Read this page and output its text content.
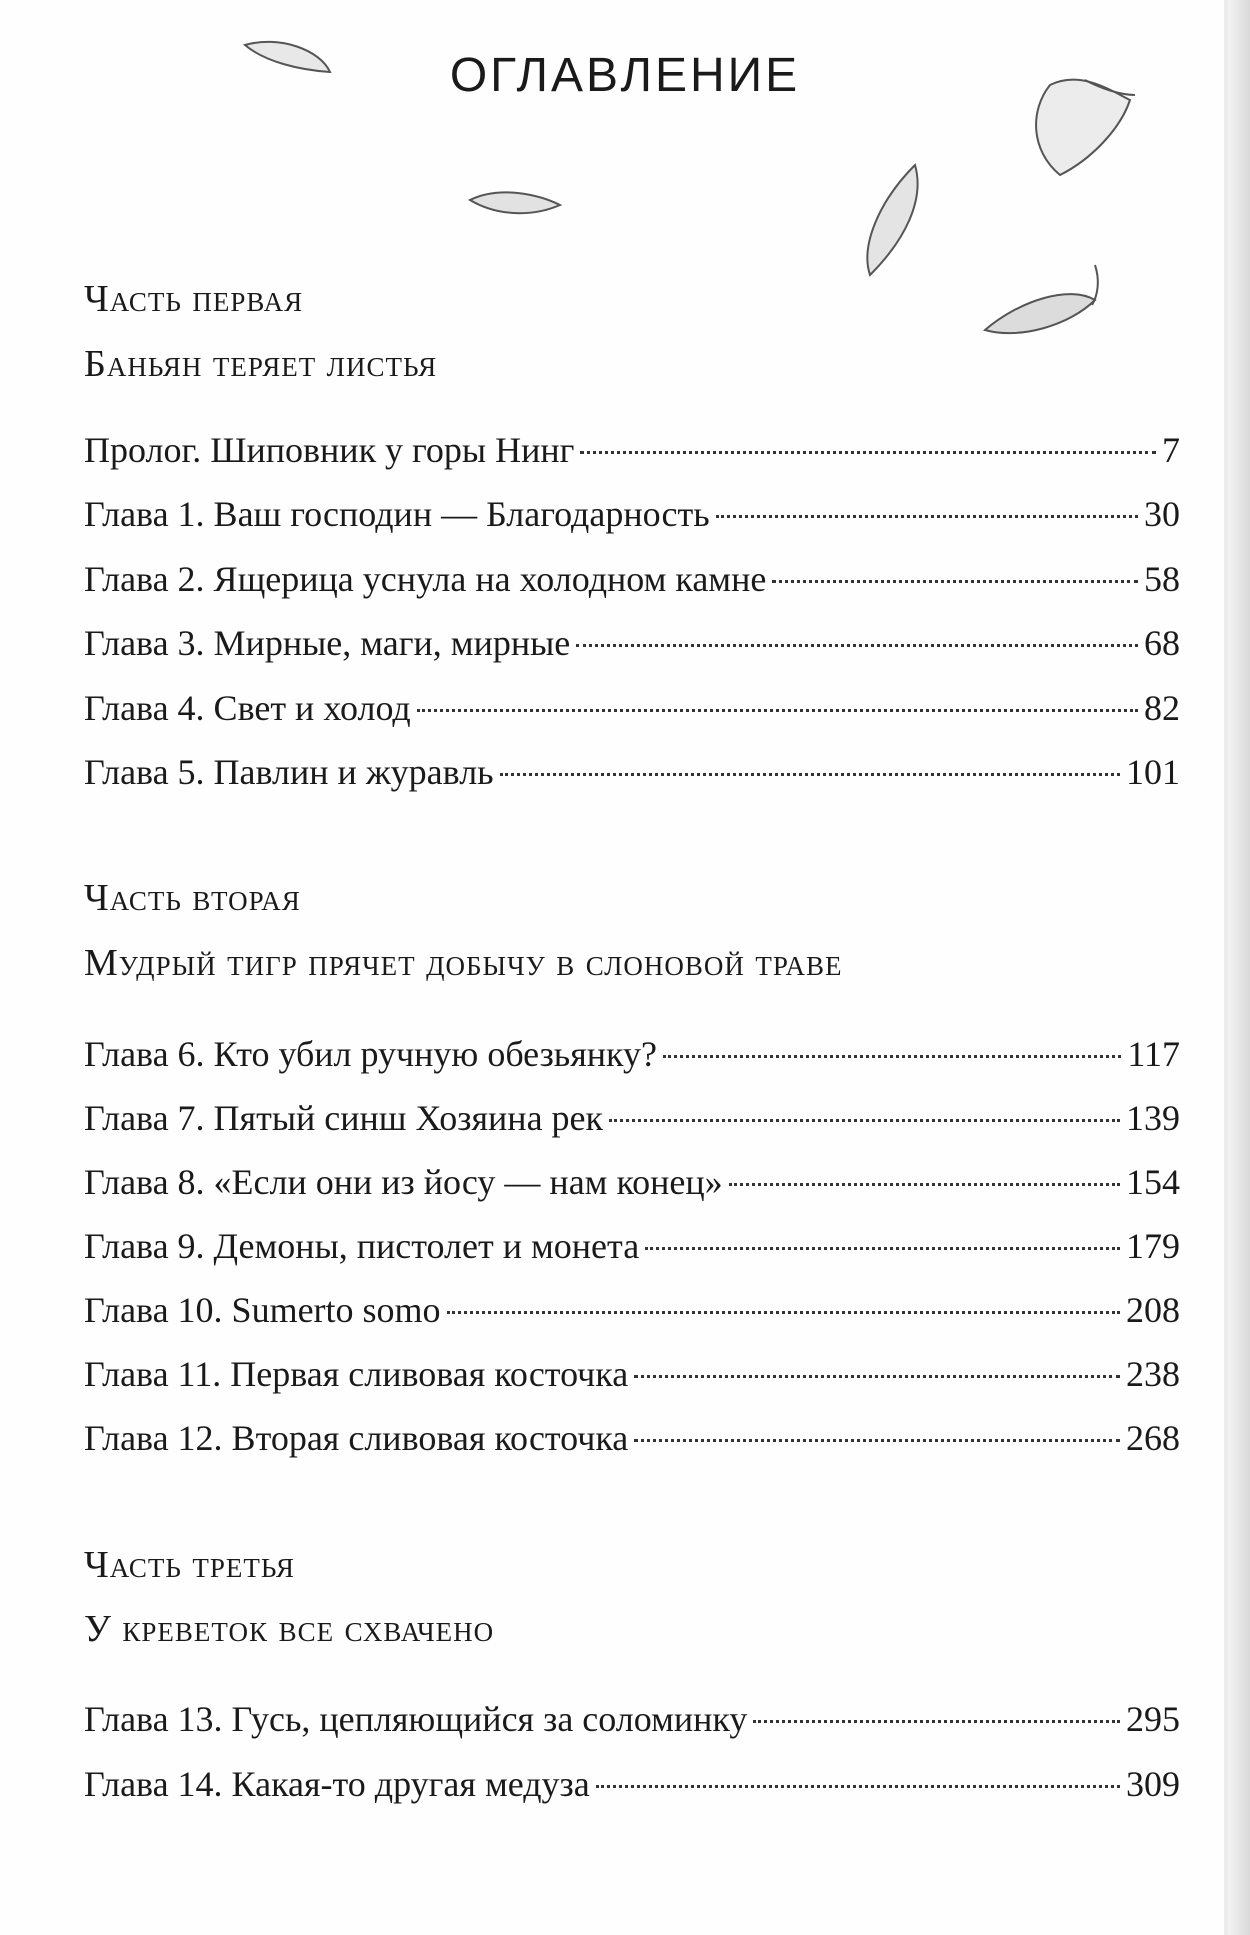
ОГЛАВЛЕНИЕ
Часть первая
Баньян теряет листья
Пролог. Шиповник у горы Нинг	7
Глава 1. Ваш господин — Благодарность	30
Глава 2. Ящерица уснула на холодном камне	58
Глава 3. Мирные, маги, мирные	68
Глава 4. Свет и холод	82
Глава 5. Павлин и журавль	101
Часть вторая
Мудрый тигр прячет добычу в слоновой траве
Глава 6. Кто убил ручную обезьянку?	117
Глава 7. Пятый синш Хозяина рек	139
Глава 8. «Если они из йосу — нам конец»	154
Глава 9. Демоны, пистолет и монета	179
Глава 10. Sumerto somo	208
Глава 11. Первая сливовая косточка	238
Глава 12. Вторая сливовая косточка	268
Часть третья
У креветок все схвачено
Глава 13. Гусь, цепляющийся за соломинку	295
Глава 14. Какая-то другая медуза	309
